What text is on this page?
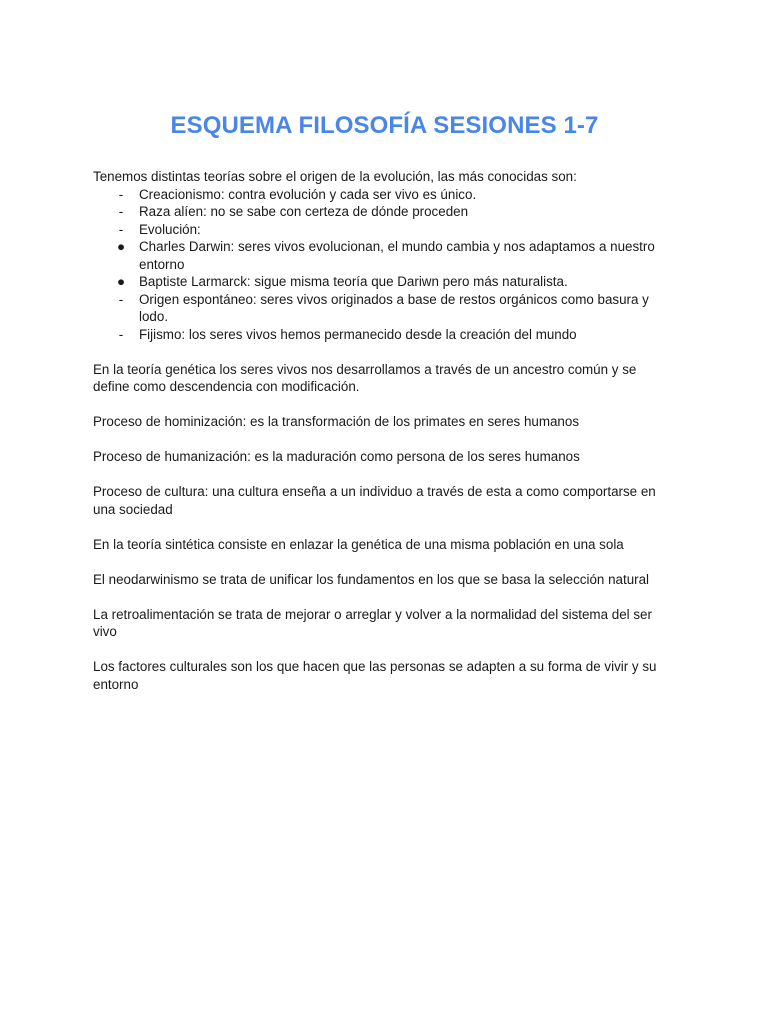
ESQUEMA FILOSOFÍA SESIONES 1-7

Tenemos distintas teorías sobre el origen de la evolución, las más conocidas son:

-	Creacionismo: contra evolución y cada ser vivo es único.
-	Raza alíen: no se sabe con certeza de dónde proceden
-	Evolución:
● Charles Darwin: seres vivos evolucionan, el mundo cambia y nos adaptamos a nuestro entorno
● Baptiste Larmarck: sigue misma teoría que Dariwn pero más naturalista.
-	Origen espontáneo: seres vivos originados a base de restos orgánicos como basura y lodo.
-	Fijismo: los seres vivos hemos permanecido desde la creación del mundo

En la teoría genética los seres vivos nos desarrollamos a través de un ancestro común y se define como descendencia con modificación.

Proceso de hominización: es la transformación de los primates en seres humanos

Proceso de humanización: es la maduración como persona de los seres humanos

Proceso de cultura: una cultura enseña a un individuo a través de esta a como comportarse en una sociedad

En la teoría sintética consiste en enlazar la genética de una misma población en una sola

El neodarwinismo se trata de unificar los fundamentos en los que se basa la selección natural

La retroalimentación se trata de mejorar o arreglar y volver a la normalidad del sistema del ser vivo

Los factores culturales son los que hacen que las personas se adapten a su forma de vivir y su entorno
